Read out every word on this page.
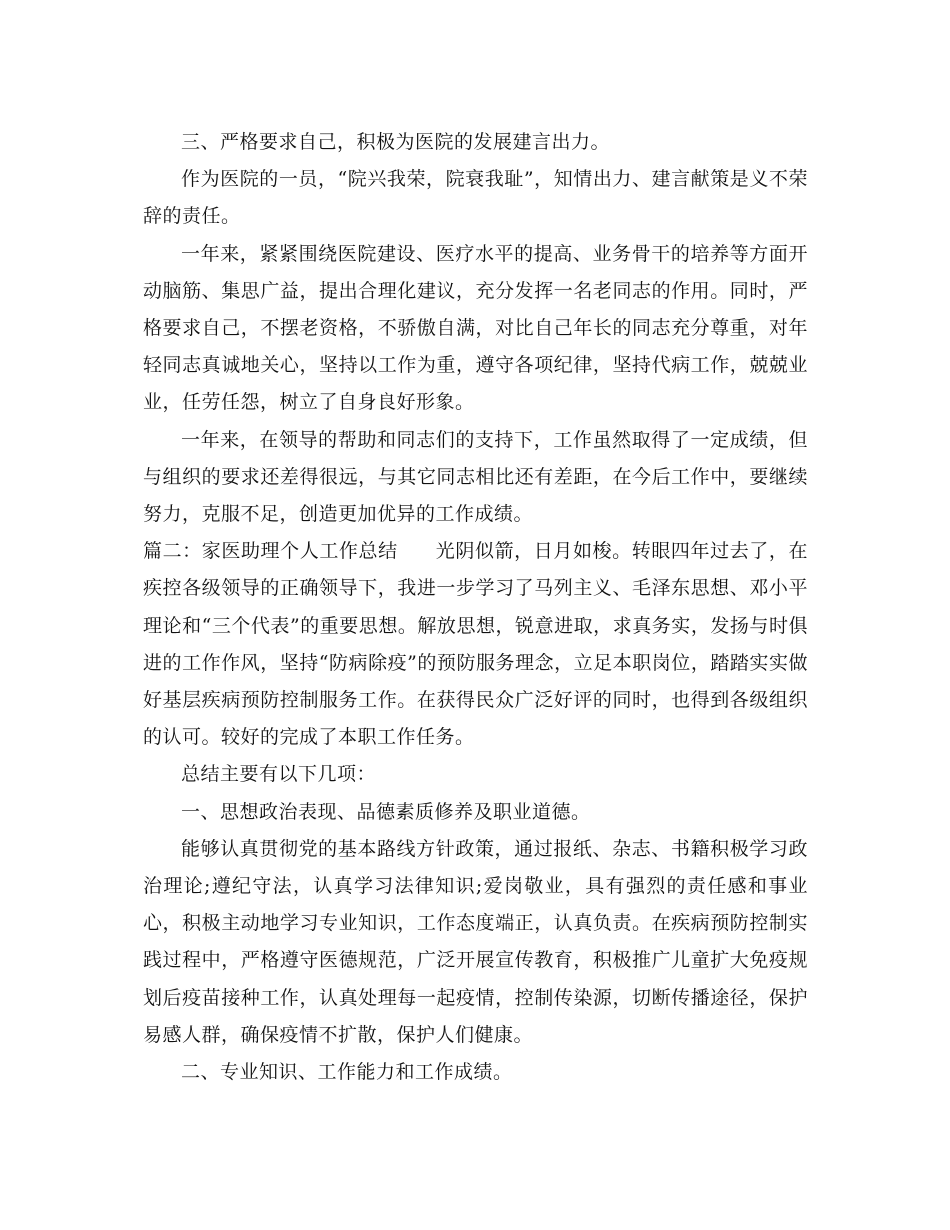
三、严格要求自己，积极为医院的发展建言出力。

作为医院的一员，“院兴我荣，院衰我耻”，知情出力、建言献策是义不荣辞的责任。

一年来，紧紧围绕医院建设、医疗水平的提高、业务骨干的培养等方面开动脑筋、集思广益，提出合理化建议，充分发挥一名老同志的作用。同时，严格要求自己，不摆老资格，不骄傲自满，对比自己年长的同志充分尊重，对年轻同志真诚地关心，坚持以工作为重，遵守各项纪律，坚持代病工作，兢兢业业，任劳任怨，树立了自身良好形象。

一年来，在领导的帮助和同志们的支持下，工作虽然取得了一定成绩，但与组织的要求还差得很远，与其它同志相比还有差距，在今后工作中，要继续努力，克服不足，创造更加优异的工作成绩。

篇二：家医助理个人工作总结 光阴似箭，日月如梭。转眼四年过去了，在疾控各级领导的正确领导下，我进一步学习了马列主义、毛泽东思想、邓小平理论和“三个代表”的重要思想。解放思想，锐意进取，求真务实，发扬与时俱进的工作作风，坚持“防病除疫”的预防服务理念，立足本职岗位，踏踏实实做好基层疾病预防控制服务工作。在获得民众广泛好评的同时，也得到各级组织的认可。较好的完成了本职工作任务。

总结主要有以下几项：

一、思想政治表现、品德素质修养及职业道德。

能够认真贯彻党的基本路线方针政策，通过报纸、杂志、书籍积极学习政治理论;遵纪守法，认真学习法律知识;爱岗敬业，具有强烈的责任感和事业心，积极主动地学习专业知识，工作态度端正，认真负责。在疾病预防控制实践过程中，严格遵守医德规范，广泛开展宣传教育，积极推广儿童扩大免疫规划后疫苗接种工作，认真处理每一起疫情，控制传染源，切断传播途径，保护易感人群，确保疫情不扩散，保护人们健康。

二、专业知识、工作能力和工作成绩。
